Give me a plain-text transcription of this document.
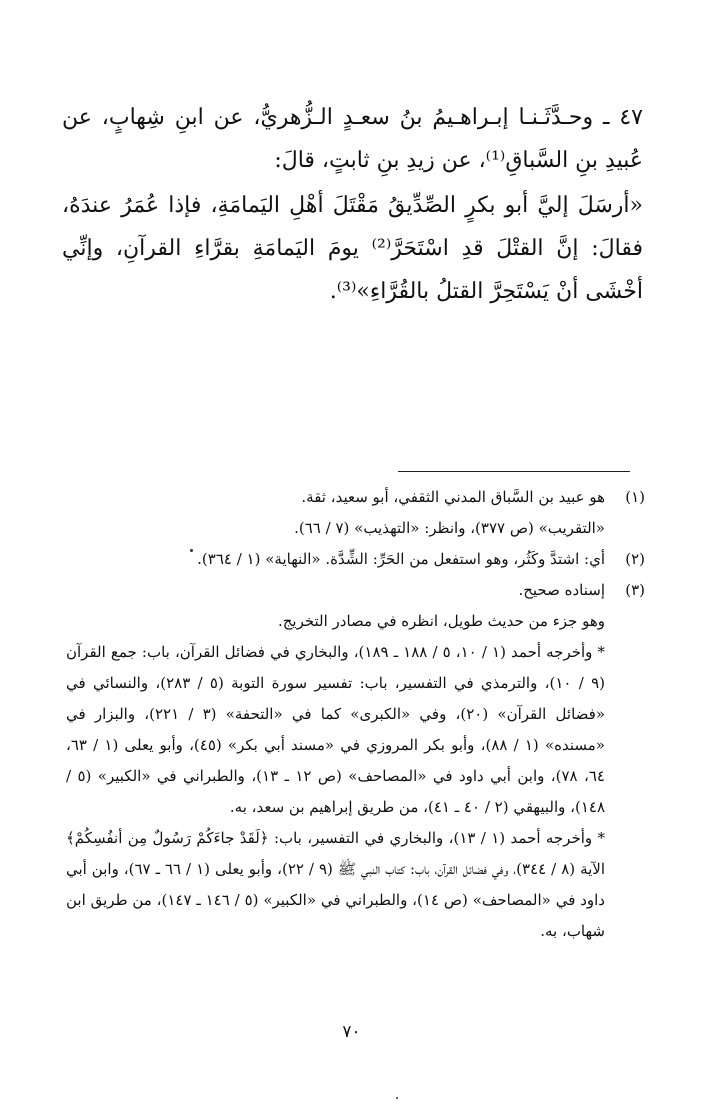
٤٧ ـ وحـدَّثَـنـا إبـراهـيمُ بنُ سعـدٍ الـزُّهريُّ، عن ابنِ شِهابٍ، عن عُبيدِ بنِ السَّباقِ⁽¹⁾، عن زيدِ بنِ ثابتٍ، قالَ:

«أرسَلَ إليَّ أبو بكرٍ الصِّدِّيقُ مَقْتَلَ أهْلِ اليَمامَةِ، فإذا عُمَرُ عندَهُ، فقالَ: إنَّ القتْلَ قدِ اسْتَحَرَّ⁽²⁾ يومَ اليَمامَةِ بقرَّاءِ القرآنِ، وإنِّي أخْشَى أنْ يَسْتَحِرَّ القتلُ بالقُرَّاءِ»⁽³⁾.

(١)

هو عبيد بن السَّباق المدني الثقفي، أبو سعيد، ثقة.

«التقريب» (ص ٣٧٧)، وانظر: «التهذيب» (٧ / ٦٦).

(٢)

أي: اشتدَّ وكَثُر، وهو استفعل من الحَرِّ: الشِّدَّة. «النهاية» (١ / ٣٦٤).

(٣)

إسناده صحيح.

وهو جزء من حديث طويل، انظره في مصادر التخريج.

* وأخرجه أحمد (١ / ١٠، ٥ / ١٨٨ ـ ١٨٩)، والبخاري في فضائل القرآن، باب: جمع القرآن (٩ / ١٠)، والترمذي في التفسير، باب: تفسير سورة التوبة (٥ / ٢٨٣)، والنسائي في «فضائل القرآن» (٢٠)، وفي «الكبرى» كما في «التحفة» (٣ / ٢٢١)، والبزار في «مسنده» (١ / ٨٨)، وأبو بكر المروزي في «مسند أبي بكر» (٤٥)، وأبو يعلى (١ / ٦٣، ٦٤، ٧٨)، وابن أبي داود في «المصاحف» (ص ١٢ ـ ١٣)، والطبراني في «الكبير» (٥ / ١٤٨)، والبيهقي (٢ / ٤٠ ـ ٤١)، من طريق إبراهيم بن سعد، به.

* وأخرجه أحمد (١ / ١٣)، والبخاري في التفسير، باب: ﴿لَقَدْ جاءَكُمْ رَسُولٌ مِن أنفُسِكُمْ﴾ الآية (٨ / ٣٤٤)، وفي فضائل القرآن، باب: كتاب النبي ﷺ (٩ / ٢٢)، وأبو يعلى (١ / ٦٦ ـ ٦٧)، وابن أبي داود في «المصاحف» (ص ١٤)، والطبراني في «الكبير» (٥ / ١٤٦ ـ ١٤٧)، من طريق ابن شهاب، به.

٧٠
